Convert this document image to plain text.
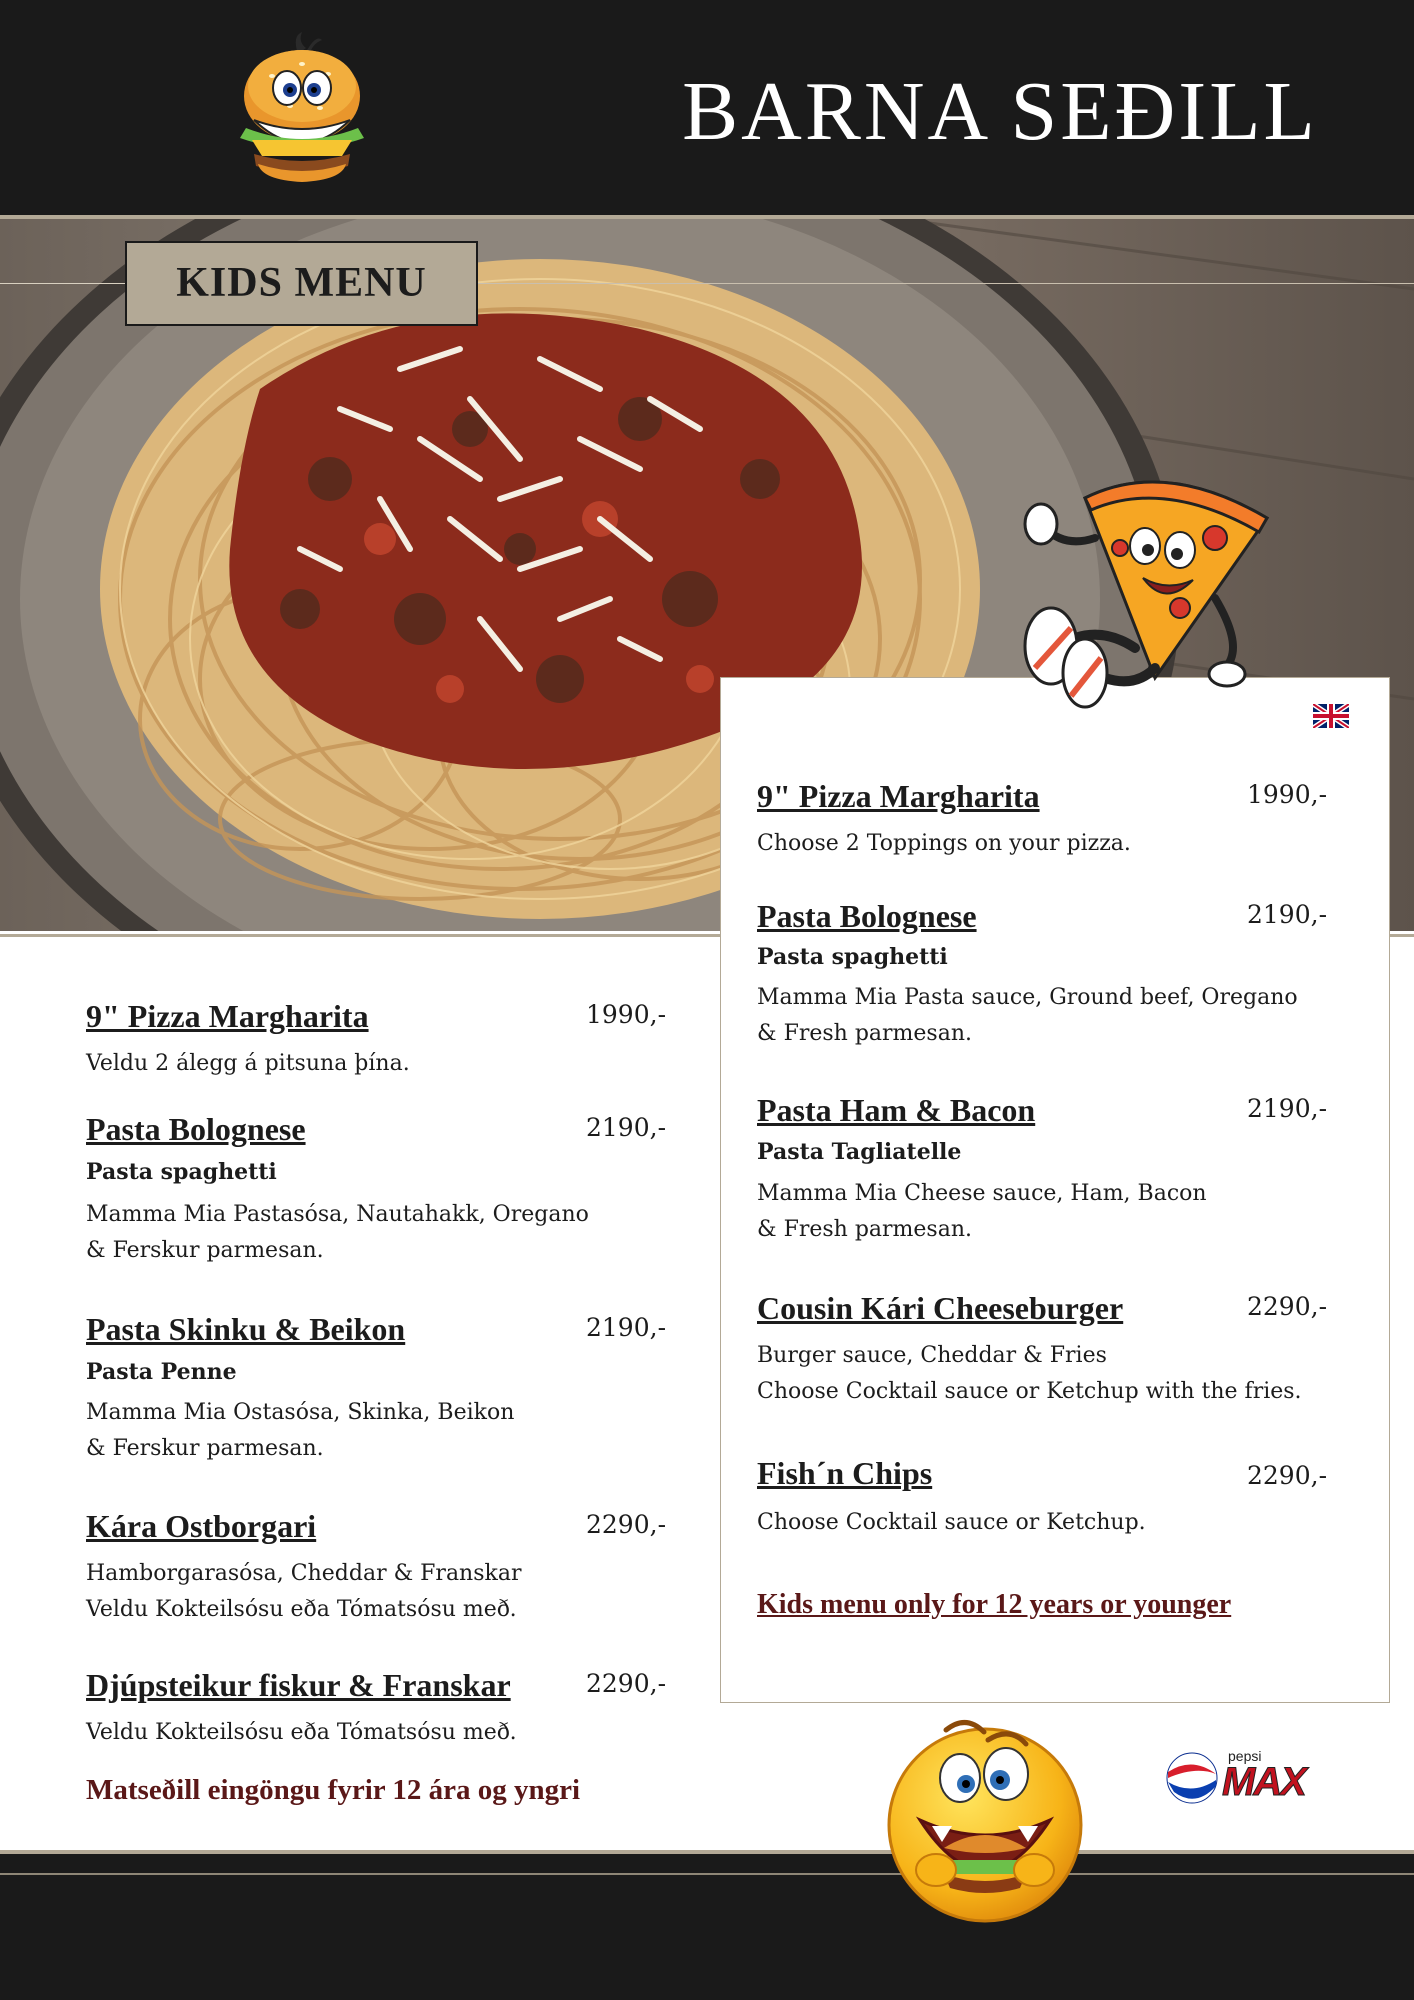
BARNA SEÐILL
KIDS MENU
9" Pizza Margharita	1990,-
Veldu 2 álegg á pitsuna þína.
Pasta Bolognese	2190,-
Pasta spaghetti
Mamma Mia Pastasósa, Nautahakk, Oregano
& Ferskur parmesan.
Pasta Skinku & Beikon	2190,-
Pasta Penne
Mamma Mia Ostasósa, Skinka, Beikon
& Ferskur parmesan.
Kára Ostborgari	2290,-
Hamborgarasósa, Cheddar & Franskar
Veldu Kokteilsósu eða Tómatsósu með.
Djúpsteikur fiskur & Franskar	2290,-
Veldu Kokteilsósu eða Tómatsósu með.
Matseðill eingöngu fyrir 12 ára og yngri
9" Pizza Margharita	1990,-
Choose 2 Toppings on your pizza.
Pasta Bolognese	2190,-
Pasta spaghetti
Mamma Mia Pasta sauce, Ground beef, Oregano
& Fresh parmesan.
Pasta Ham & Bacon	2190,-
Pasta Tagliatelle
Mamma Mia Cheese sauce, Ham, Bacon
& Fresh parmesan.
Cousin Kári Cheeseburger	2290,-
Burger sauce, Cheddar & Fries
Choose Cocktail sauce or Ketchup with the fries.
Fish´n Chips	2290,-
Choose Cocktail sauce or Ketchup.
Kids menu only for 12 years or younger
pepsi
MAX
